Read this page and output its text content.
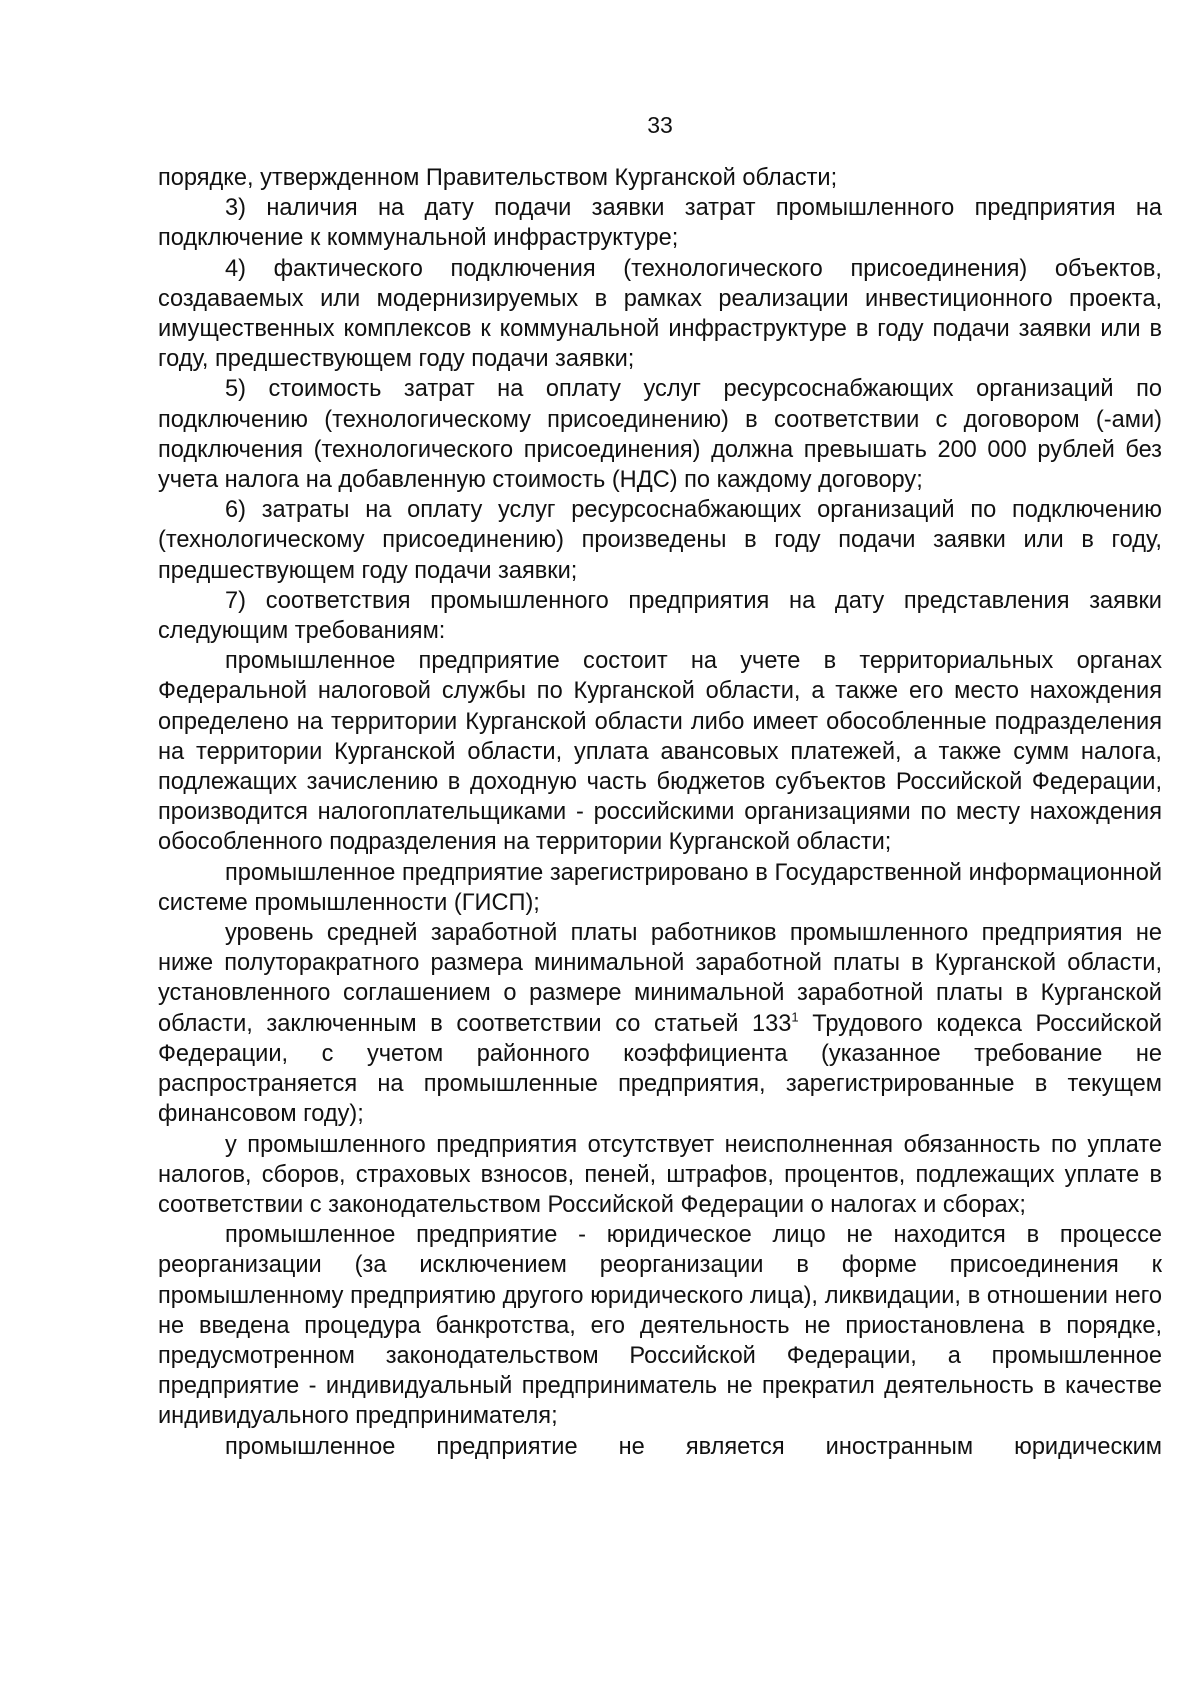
33

порядке, утвержденном Правительством Курганской области;

3) наличия на дату подачи заявки затрат промышленного предприятия на подключение к коммунальной инфраструктуре;

4) фактического подключения (технологического присоединения) объектов, создаваемых или модернизируемых в рамках реализации инвестиционного проекта, имущественных комплексов к коммунальной инфраструктуре в году подачи заявки или в году, предшествующем году подачи заявки;

5) стоимость затрат на оплату услуг ресурсоснабжающих организаций по подключению (технологическому присоединению) в соответствии с договором (-ами) подключения (технологического присоединения) должна превышать 200 000 рублей без учета налога на добавленную стоимость (НДС) по каждому договору;

6) затраты на оплату услуг ресурсоснабжающих организаций по подключению (технологическому присоединению) произведены в году подачи заявки или в году, предшествующем году подачи заявки;

7) соответствия промышленного предприятия на дату представления заявки следующим требованиям:

промышленное предприятие состоит на учете в территориальных органах Федеральной налоговой службы по Курганской области, а также его место нахождения определено на территории Курганской области либо имеет обособленные подразделения на территории Курганской области, уплата авансовых платежей, а также сумм налога, подлежащих зачислению в доходную часть бюджетов субъектов Российской Федерации, производится налогоплательщиками - российскими организациями по месту нахождения обособленного подразделения на территории Курганской области;

промышленное предприятие зарегистрировано в Государственной информационной системе промышленности (ГИСП);

уровень средней заработной платы работников промышленного предприятия не ниже полуторакратного размера минимальной заработной платы в Курганской области, установленного соглашением о размере минимальной заработной платы в Курганской области, заключенным в соответствии со статьей $133^1$ Трудового кодекса Российской Федерации, с учетом районного коэффициента (указанное требование не распространяется на промышленные предприятия, зарегистрированные в текущем финансовом году);

у промышленного предприятия отсутствует неисполненная обязанность по уплате налогов, сборов, страховых взносов, пеней, штрафов, процентов, подлежащих уплате в соответствии с законодательством Российской Федерации о налогах и сборах;

промышленное предприятие - юридическое лицо не находится в процессе реорганизации (за исключением реорганизации в форме присоединения к промышленному предприятию другого юридического лица), ликвидации, в отношении него не введена процедура банкротства, его деятельность не приостановлена в порядке, предусмотренном законодательством Российской Федерации, а промышленное предприятие - индивидуальный предприниматель не прекратил деятельность в качестве индивидуального предпринимателя;

промышленное предприятие не является иностранным юридическим
